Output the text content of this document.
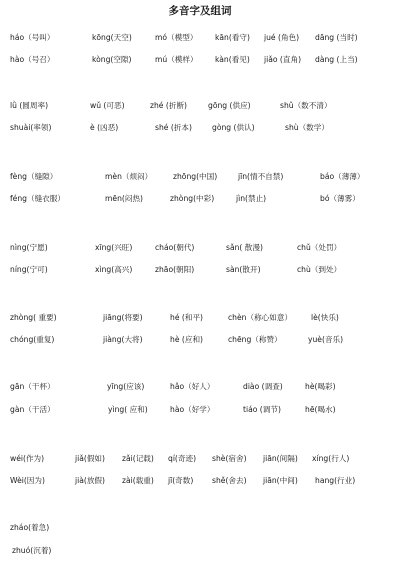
多音字及组词
háo（号叫）	kōng(天空)	mó（模型） kān(看守) jué (角色) dāng (当时)
hào（号召）	kòng(空隙)	mú（模样） kàn(看见) jiǎo (直角) dàng (上当)
lǜ (圆周率)	wǔ (可恶)	zhé (折断)	gōng (供应)	shǔ（数不清）
shuài(率领)	è (凶恶)	shé (折本)	gòng (供认)	shù（数学）
fèng（缝隙）	mèn（烦闷）	zhōng(中国)	jīn(情不自禁)	báo（薄薄）
féng（缝衣服）	mēn(闷热)	zhòng(中彩)	jìn(禁止)	bó（薄雾）
nìng(宁愿)	xīng(兴旺)	cháo(朝代)	sǎn( 散漫)	chǔ（处罚）
níng(宁可)	xìng(高兴)	zhāo(朝阳)	sàn(散开)	chù（到处）
zhòng( 重要)	jiāng(将要)	hé (和平)	chèn（称心如意） lè(快乐)
chóng(重复)	jiàng(大将)	hè (应和)	chēng（称赞）	yuè(音乐)
gān（干杯）	yīng(应该)	hǎo（好人）	diào (调查)	hè(喝彩)
gàn（干活）	yìng( 应和)	hào（好学）	tiáo (调节)	hē(喝水)
wéi(作为)	jiǎ(假如) zǎi(记载) qí(奇迹) shè(宿舍) jiān(间隔) xíng(行人)
Wèi(因为)	jià(放假) zài(载重) jī(奇数) shě(舍去) jiān(中间) hang(行业)
zháo(着急)
zhuó(沉着)
